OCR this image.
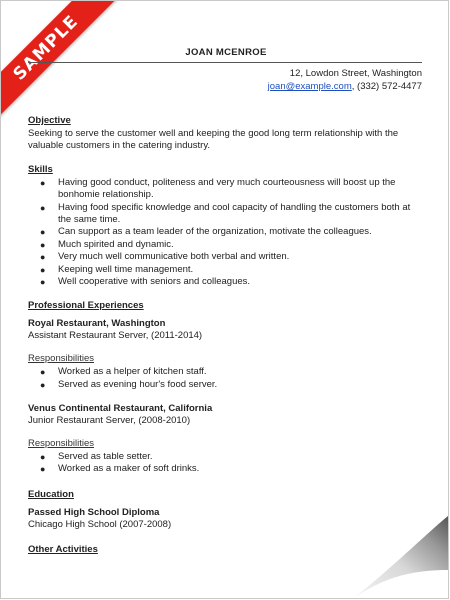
SAMPLE	JOAN MCENROE
12, Lowdon Street, Washington
joan@example.com, (332) 572-4477
Objective
Seeking to serve the customer well and keeping the good long term relationship with the valuable customers in the catering industry.
Skills
● Having good conduct, politeness and very much courteousness will boost up the bonhomie relationship.
● Having food specific knowledge and cool capacity of handling the customers both at the same time.
● Can support as a team leader of the organization, motivate the colleagues.
● Much spirited and dynamic.
● Very much well communicative both verbal and written.
● Keeping well time management.
● Well cooperative with seniors and colleagues.
Professional Experiences
Royal Restaurant, Washington
Assistant Restaurant Server, (2011-2014)
Responsibilities
● Worked as a helper of kitchen staff.
● Served as evening hour's food server.
Venus Continental Restaurant, California
Junior Restaurant Server, (2008-2010)
Responsibilities
● Served as table setter.
● Worked as a maker of soft drinks.
Education
Passed High School Diploma
Chicago High School (2007-2008)
Other Activities
